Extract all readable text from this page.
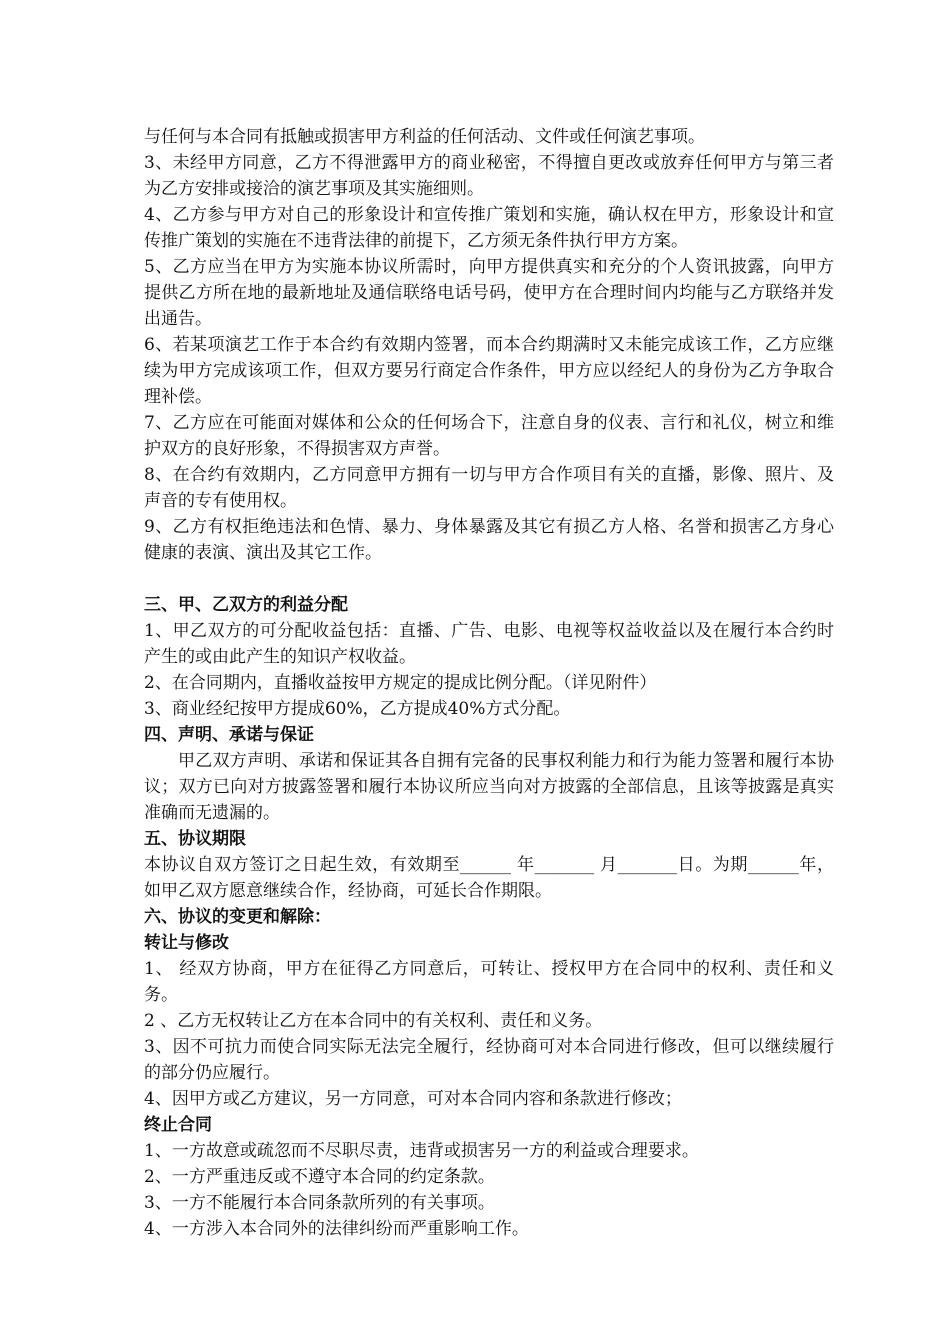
与任何与本合同有抵触或损害甲方利益的任何活动、文件或任何演艺事项。

3、未经甲方同意，乙方不得泄露甲方的商业秘密，不得擅自更改或放弃任何甲方与第三者为乙方安排或接洽的演艺事项及其实施细则。

4、乙方参与甲方对自己的形象设计和宣传推广策划和实施，确认权在甲方，形象设计和宣传推广策划的实施在不违背法律的前提下，乙方须无条件执行甲方方案。

5、乙方应当在甲方为实施本协议所需时，向甲方提供真实和充分的个人资讯披露，向甲方提供乙方所在地的最新地址及通信联络电话号码，使甲方在合理时间内均能与乙方联络并发出通告。

6、若某项演艺工作于本合约有效期内签署，而本合约期满时又未能完成该工作，乙方应继续为甲方完成该项工作，但双方要另行商定合作条件，甲方应以经纪人的身份为乙方争取合理补偿。

7、乙方应在可能面对媒体和公众的任何场合下，注意自身的仪表、言行和礼仪，树立和维护双方的良好形象，不得损害双方声誉。

8、在合约有效期内，乙方同意甲方拥有一切与甲方合作项目有关的直播，影像、照片、及声音的专有使用权。

9、乙方有权拒绝违法和色情、暴力、身体暴露及其它有损乙方人格、名誉和损害乙方身心健康的表演、演出及其它工作。

三、甲、乙双方的利益分配

1、甲乙双方的可分配收益包括：直播、广告、电影、电视等权益收益以及在履行本合约时产生的或由此产生的知识产权收益。

2、在合同期内，直播收益按甲方规定的提成比例分配。（详见附件）

3、商业经纪按甲方提成60%，乙方提成40%方式分配。

四、声明、承诺与保证

甲乙双方声明、承诺和保证其各自拥有完备的民事权利能力和行为能力签署和履行本协议；双方已向对方披露签署和履行本协议所应当向对方披露的全部信息，且该等披露是真实准确而无遗漏的。

五、协议期限

本协议自双方签订之日起生效，有效期至______ 年_______ 月_______日。为期______年，如甲乙双方愿意继续合作，经协商，可延长合作期限。

六、协议的变更和解除：

转让与修改

1、 经双方协商，甲方在征得乙方同意后，可转让、授权甲方在合同中的权利、责任和义务。

2 、乙方无权转让乙方在本合同中的有关权利、责任和义务。

3、因不可抗力而使合同实际无法完全履行，经协商可对本合同进行修改，但可以继续履行的部分仍应履行。

4、因甲方或乙方建议，另一方同意，可对本合同内容和条款进行修改；

终止合同

1、一方故意或疏忽而不尽职尽责，违背或损害另一方的利益或合理要求。

2、一方严重违反或不遵守本合同的约定条款。

3、一方不能履行本合同条款所列的有关事项。

4、一方涉入本合同外的法律纠纷而严重影响工作。
